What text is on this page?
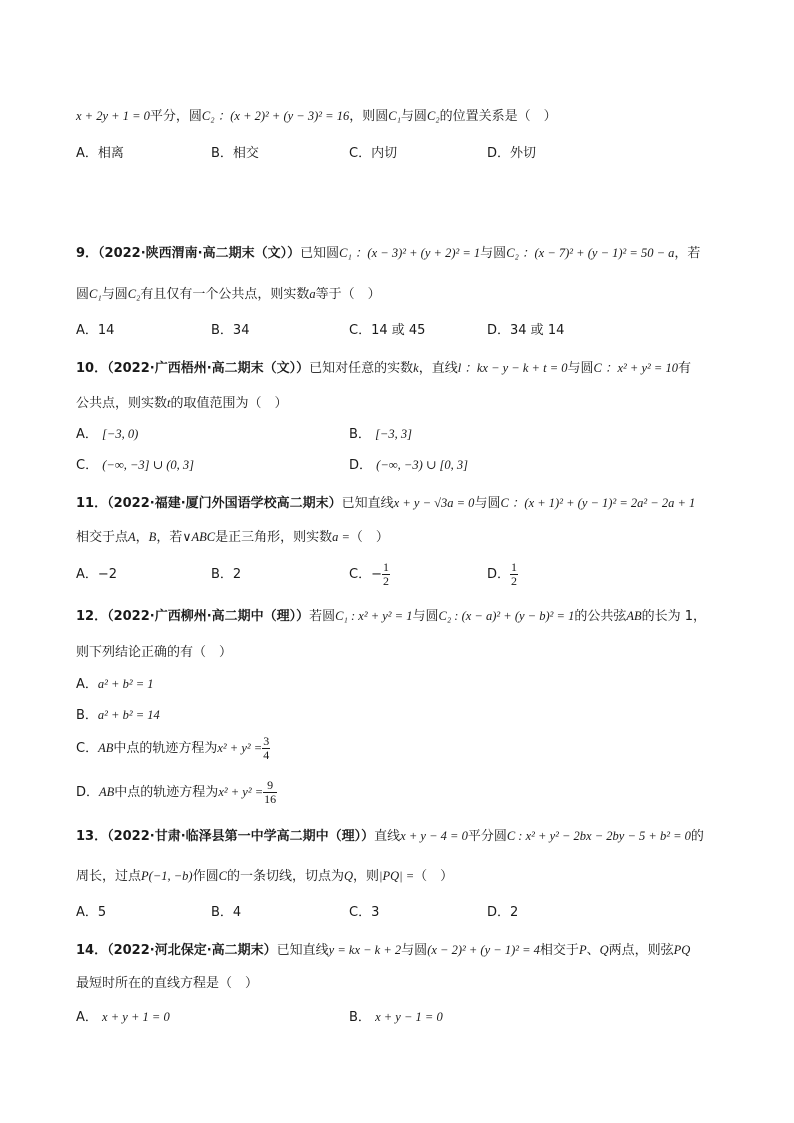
x + 2y + 1 = 0平分，圆C₂ ：(x + 2)² + (y − 3)² = 16，则圆C₁与圆C₂的位置关系是（　）
A．相离	B．相交	C．内切	D．外切
9．（2022·陕西渭南·高二期末（文））已知圆C₁ ：(x − 3)² + (y + 2)² = 1与圆C₂ ：(x − 7)² + (y − 1)² = 50 − a，若
圆C₁与圆C₂有且仅有一个公共点，则实数a等于（　）
A．14	B．34	C．14 或 45	D．34 或 14
10．（2022·广西梧州·高二期末（文））已知对任意的实数k，直线l ：kx − y − k + t = 0与圆C ：x² + y² = 10有
公共点，则实数t的取值范围为（　）
A． [−3, 0)	B． [−3, 3]
C． (−∞, −3] ∪ (0, 3]	D． (−∞, −3) ∪ [0, 3]
11．（2022·福建·厦门外国语学校高二期末）已知直线x + y − √3a = 0与圆C ：(x + 1)² + (y − 1)² = 2a² − 2a + 1
相交于点A，B，若∨ABC是正三角形，则实数a =（　）
A．−2	B．2	C．− $\frac{1}{2}$	D． $\frac{1}{2}$
12．（2022·广西柳州·高二期中（理））若圆C₁ : x² + y² = 1与圆C₂ : (x − a)² + (y − b)² = 1的公共弦AB的长为 1，
则下列结论正确的有（　）
A．a² + b² = 1
B．a² + b² = 14
C．AB中点的轨迹方程为$x^2 + y^2 = \frac{3}{4}$
D．AB中点的轨迹方程为$x^2 + y^2 = \frac{9}{16}$
13．（2022·甘肃·临泽县第一中学高二期中（理））直线x + y − 4 = 0平分圆C : x² + y² − 2bx − 2by − 5 + b² = 0的
周长，过点P(−1, −b)作圆C的一条切线，切点为Q，则|PQ| =（　）
A．5	B．4	C．3	D．2
14．（2022·河北保定·高二期末）已知直线y = kx − k + 2与圆(x − 2)² + (y − 1)² = 4相交于P、Q两点，则弦PQ
最短时所在的直线方程是（　）
A． x + y + 1 = 0	B． x + y − 1 = 0
